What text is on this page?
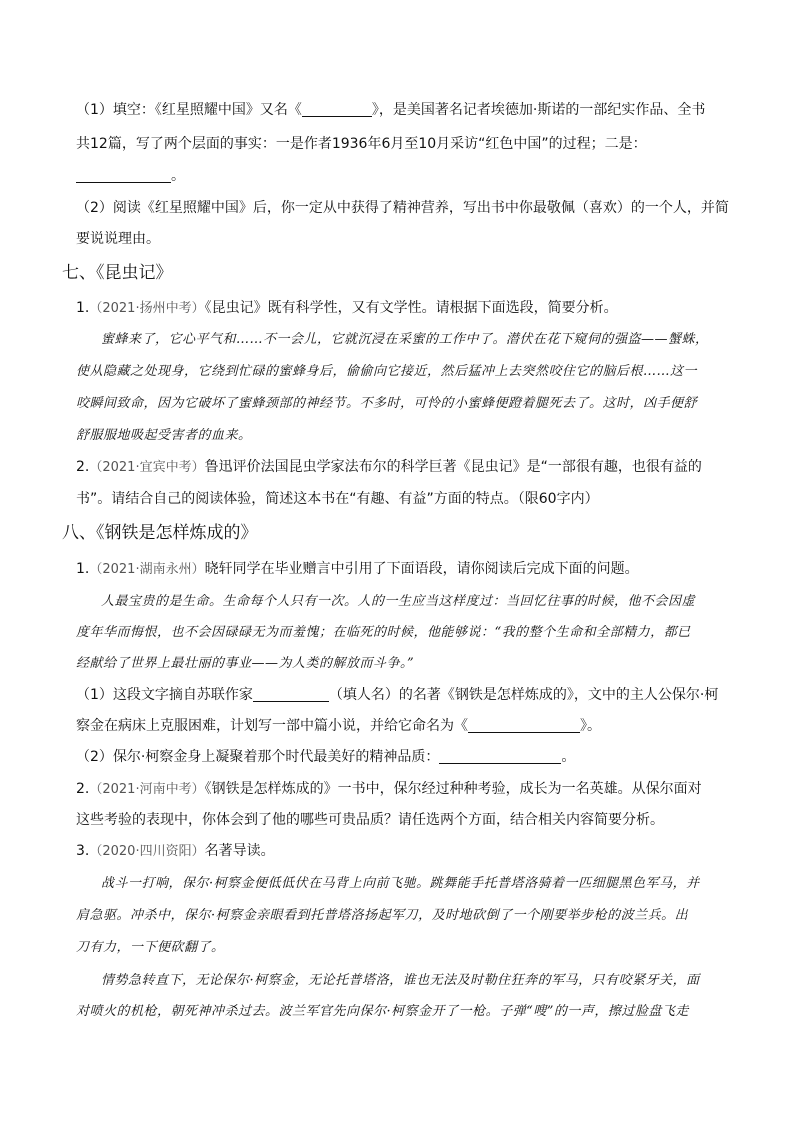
（1）填空：《红星照耀中国》又名《	》，是美国著名记者埃德加·斯诺的一部纪实作品、全书
共12篇，写了两个层面的事实：一是作者1936年6月至10月采访“红色中国”的过程；二是：
。
（2）阅读《红星照耀中国》后，你一定从中获得了精神营养，写出书中你最敬佩（喜欢）的一个人，并简
要说说理由。
七、《昆虫记》
1.（2021·扬州中考）《昆虫记》既有科学性，又有文学性。请根据下面选段，简要分析。
蜜蜂来了，它心平气和……不一会儿，它就沉浸在采蜜的工作中了。潜伏在花下窥伺的强盗——蟹蛛，
使从隐藏之处现身，它绕到忙碌的蜜蜂身后，偷偷向它接近，然后猛冲上去突然咬住它的脑后根……这一
咬瞬间致命，因为它破坏了蜜蜂颈部的神经节。不多时，可怜的小蜜蜂便蹬着腿死去了。这时，凶手便舒
舒服服地吸起受害者的血来。
2.（2021·宜宾中考）鲁迅评价法国昆虫学家法布尔的科学巨著《昆虫记》是“一部很有趣，也很有益的
书”。请结合自己的阅读体验，简述这本书在“有趣、有益”方面的特点。（限60字内）
八、《钢铁是怎样炼成的》
1.（2021·湖南永州）晓轩同学在毕业赠言中引用了下面语段，请你阅读后完成下面的问题。
人最宝贵的是生命。生命每个人只有一次。人的一生应当这样度过：当回忆往事的时候，他不会因虚
度年华而悔恨，也不会因碌碌无为而羞愧；在临死的时候，他能够说：“我的整个生命和全部精力，都已
经献给了世界上最壮丽的事业——为人类的解放而斗争。”
（1）这段文字摘自苏联作家	（填人名）的名著《钢铁是怎样炼成的》，文中的主人公保尔·柯
察金在病床上克服困难，计划写一部中篇小说，并给它命名为《	》。
（2）保尔·柯察金身上凝聚着那个时代最美好的精神品质：	。
2.（2021·河南中考）《钢铁是怎样炼成的》一书中，保尔经过种种考验，成长为一名英雄。从保尔面对
这些考验的表现中，你体会到了他的哪些可贵品质？请任选两个方面，结合相关内容简要分析。
3.（2020·四川资阳）名著导读。
战斗一打响，保尔·柯察金便低低伏在马背上向前飞驰。跳舞能手托普塔洛骑着一匹细腿黑色军马，并
肩急驱。冲杀中，保尔·柯察金亲眼看到托普塔洛扬起军刀，及时地砍倒了一个刚要举步枪的波兰兵。出
刀有力，一下便砍翻了。
情势急转直下，无论保尔·柯察金，无论托普塔洛，谁也无法及时勒住狂奔的军马，只有咬紧牙关，面
对喷火的机枪，朝死神冲杀过去。波兰军官先向保尔·柯察金开了一枪。子弹“嗖”的一声，擦过脸盘飞走
